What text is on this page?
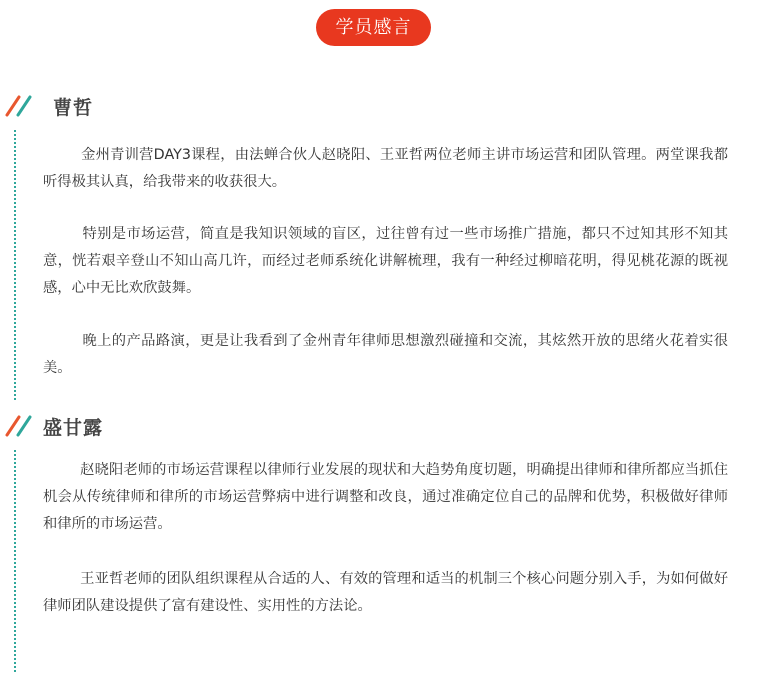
学员感言
曹哲

金州青训营DAY3课程，由法蝉合伙人赵晓阳、王亚哲两位老师主讲市场运营和团队管理。两堂课我都听得极其认真，给我带来的收获很大。

特别是市场运营，简直是我知识领域的盲区，过往曾有过一些市场推广措施，都只不过知其形不知其意，恍若艰辛登山不知山高几许，而经过老师系统化讲解梳理，我有一种经过柳暗花明，得见桃花源的既视感，心中无比欢欣鼓舞。

晚上的产品路演，更是让我看到了金州青年律师思想激烈碰撞和交流，其炫然开放的思绪火花着实很美。

盛甘露

赵晓阳老师的市场运营课程以律师行业发展的现状和大趋势角度切题，明确提出律师和律所都应当抓住机会从传统律师和律所的市场运营弊病中进行调整和改良，通过准确定位自己的品牌和优势，积极做好律师和律所的市场运营。

王亚哲老师的团队组织课程从合适的人、有效的管理和适当的机制三个核心问题分别入手，为如何做好律师团队建设提供了富有建设性、实用性的方法论。
